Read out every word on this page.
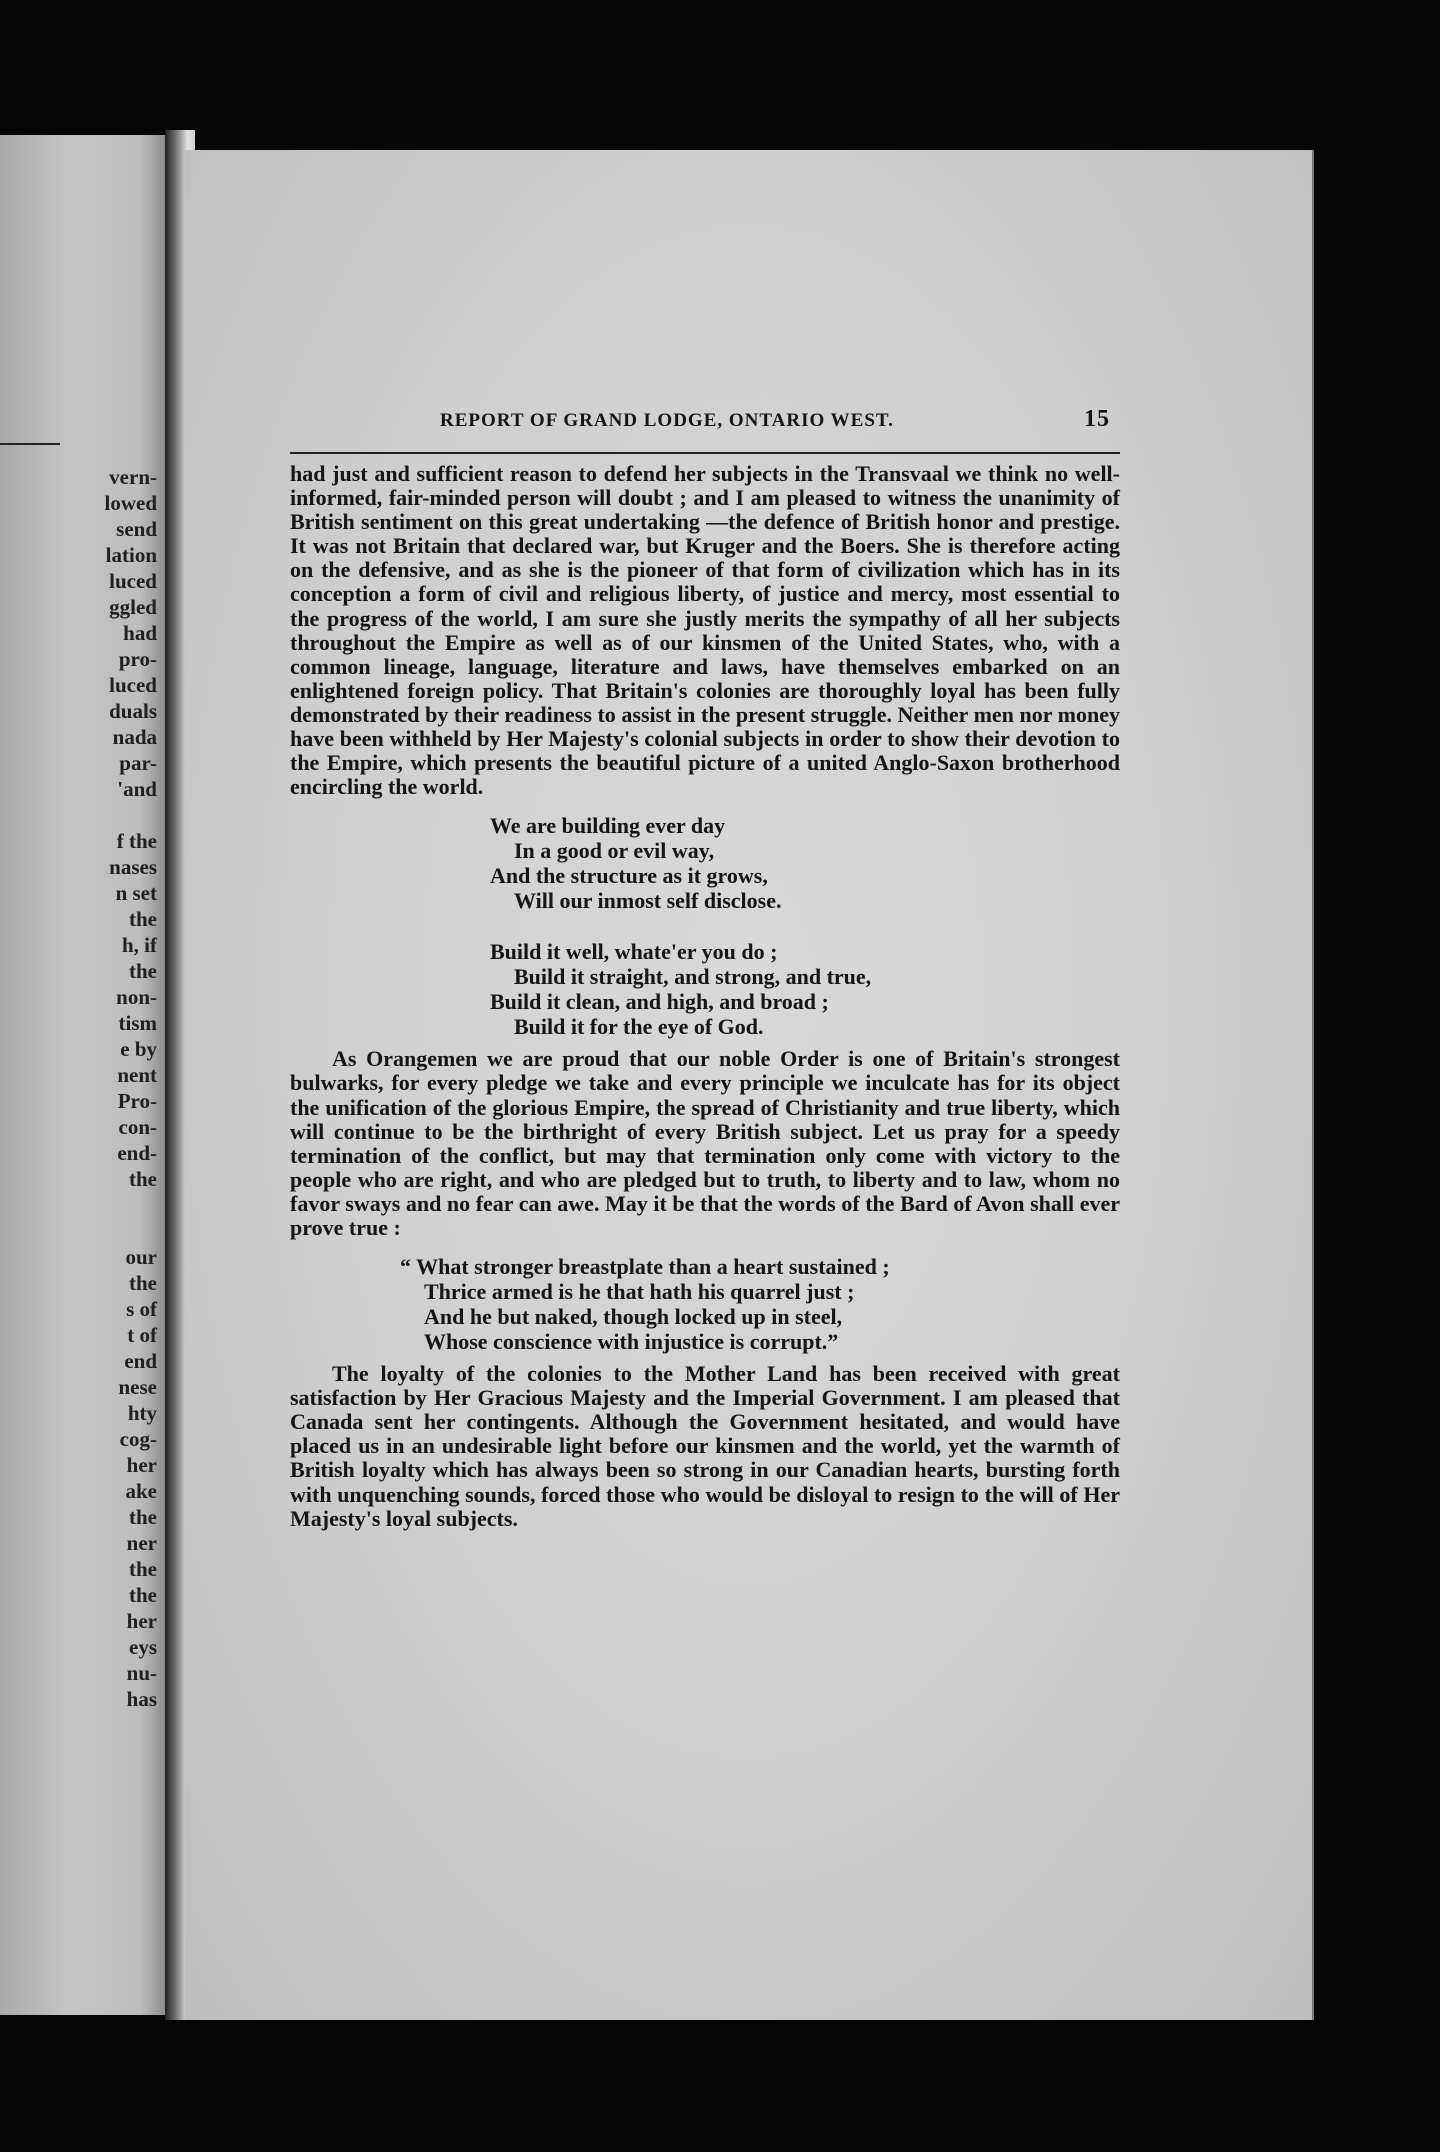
vern-
lowed
send
lation
luced
ggled
had
pro-
luced
duals
nada
par-
'and
f the
nases
n set
the
h, if
the
non-
tism
e by
nent
Pro-
con-
end-
the
our
the
s of
t of
end
nese
hty
cog-
her
ake
the
ner
the
the
her
eys
nu-
has
REPORT OF GRAND LODGE, ONTARIO WEST.	15

had just and sufficient reason to defend her subjects in the Transvaal we think no well-informed, fair-minded person will doubt ; and I am pleased to witness the unanimity of British sentiment on this great undertaking —the defence of British honor and prestige. It was not Britain that declared war, but Kruger and the Boers. She is therefore acting on the defensive, and as she is the pioneer of that form of civilization which has in its conception a form of civil and religious liberty, of justice and mercy, most essential to the progress of the world, I am sure she justly merits the sympathy of all her subjects throughout the Empire as well as of our kinsmen of the United States, who, with a common lineage, language, literature and laws, have themselves embarked on an enlightened foreign policy. That Britain's colonies are thoroughly loyal has been fully demonstrated by their readiness to assist in the present struggle. Neither men nor money have been withheld by Her Majesty's colonial subjects in order to show their devotion to the Empire, which presents the beautiful picture of a united Anglo-Saxon brotherhood encircling the world.

We are building ever day
In a good or evil way,
And the structure as it grows,
Will our inmost self disclose.
Build it well, whate'er you do ;
Build it straight, and strong, and true,
Build it clean, and high, and broad ;
Build it for the eye of God.

As Orangemen we are proud that our noble Order is one of Britain's strongest bulwarks, for every pledge we take and every principle we inculcate has for its object the unification of the glorious Empire, the spread of Christianity and true liberty, which will continue to be the birthright of every British subject. Let us pray for a speedy termination of the conflict, but may that termination only come with victory to the people who are right, and who are pledged but to truth, to liberty and to law, whom no favor sways and no fear can awe. May it be that the words of the Bard of Avon shall ever prove true :

“ What stronger breastplate than a heart sustained ;
Thrice armed is he that hath his quarrel just ;
And he but naked, though locked up in steel,
Whose conscience with injustice is corrupt.”

The loyalty of the colonies to the Mother Land has been received with great satisfaction by Her Gracious Majesty and the Imperial Government. I am pleased that Canada sent her contingents. Although the Government hesitated, and would have placed us in an undesirable light before our kinsmen and the world, yet the warmth of British loyalty which has always been so strong in our Canadian hearts, bursting forth with unquenching sounds, forced those who would be disloyal to resign to the will of Her Majesty's loyal subjects.
